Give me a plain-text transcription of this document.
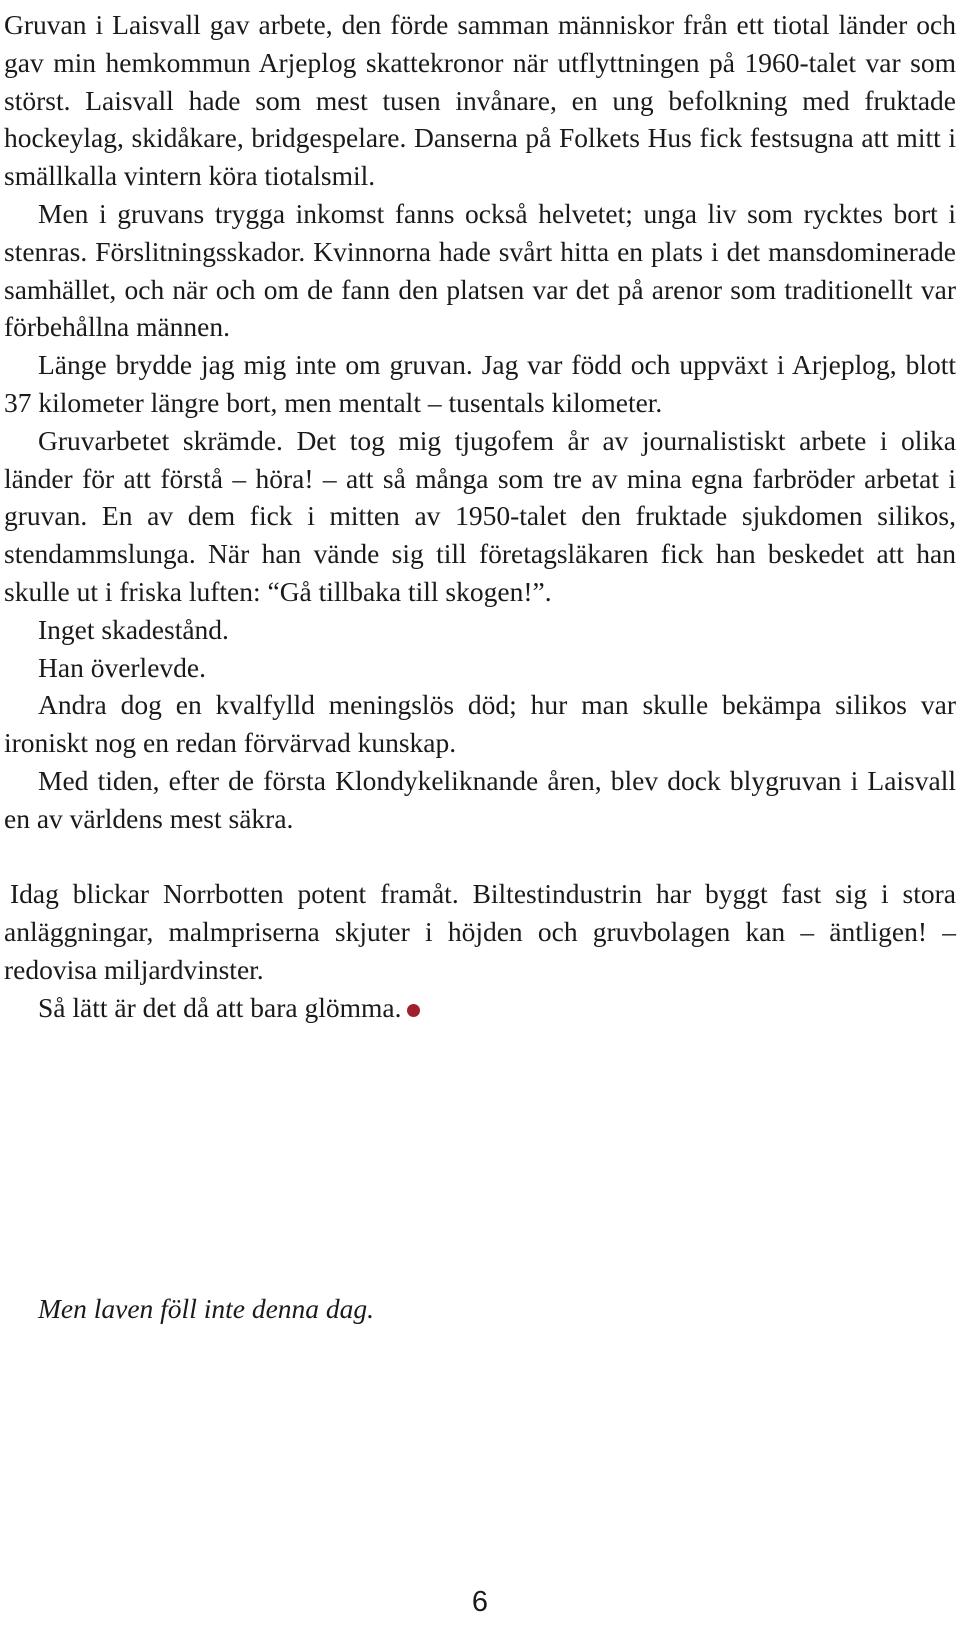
Gruvan i Laisvall gav arbete, den förde samman människor från ett tiotal länder och gav min hemkommun Arjeplog skattekronor när utflyttningen på 1960-talet var som störst. Laisvall hade som mest tusen invånare, en ung befolkning med fruktade hockeylag, skidåkare, bridgespelare. Danserna på Folkets Hus fick festsugna att mitt i smällkalla vintern köra tiotalsmil.

Men i gruvans trygga inkomst fanns också helvetet; unga liv som rycktes bort i stenras. Förslitningsskador. Kvinnorna hade svårt hitta en plats i det mansdominerade samhället, och när och om de fann den platsen var det på arenor som traditionellt var förbehållna männen.

Länge brydde jag mig inte om gruvan. Jag var född och uppväxt i Arjeplog, blott 37 kilometer längre bort, men mentalt – tusentals kilometer.

Gruvarbetet skrämde. Det tog mig tjugofem år av journalistiskt arbete i olika länder för att förstå – höra! – att så många som tre av mina egna farbröder arbetat i gruvan. En av dem fick i mitten av 1950-talet den fruktade sjukdomen silikos, stendammslunga. När han vände sig till företagsläkaren fick han beskedet att han skulle ut i friska luften: “Gå tillbaka till skogen!”.

Inget skadestånd.

Han överlevde.

Andra dog en kvalfylld meningslös död; hur man skulle bekämpa silikos var ironiskt nog en redan förvärvad kunskap.

Med tiden, efter de första Klondykeliknande åren, blev dock blygruvan i Laisvall en av världens mest säkra.

Idag blickar Norrbotten potent framåt. Biltestindustrin har byggt fast sig i stora anläggningar, malmpriserna skjuter i höjden och gruvbolagen kan – äntligen! – redovisa miljardvinster.

Så lätt är det då att bara glömma.

Men laven föll inte denna dag.
6
